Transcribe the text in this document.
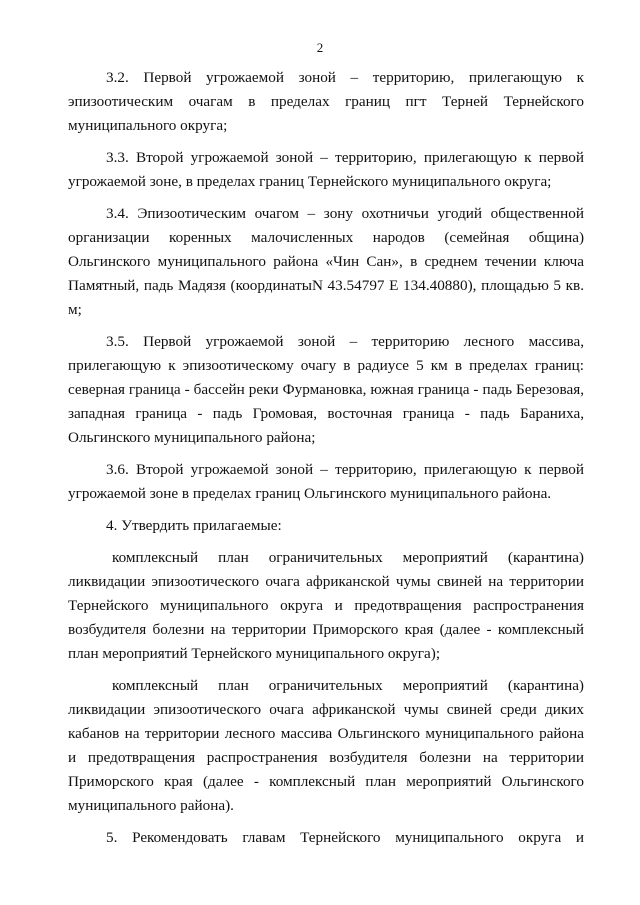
2

3.2. Первой угрожаемой зоной – территорию, прилегающую к эпизоотическим очагам в пределах границ пгт Терней Тернейского муниципального округа;

3.3. Второй угрожаемой зоной – территорию, прилегающую к первой угрожаемой зоне, в пределах границ Тернейского муниципального округа;

3.4. Эпизоотическим очагом – зону охотничьи угодий общественной организации коренных малочисленных народов (семейная община) Ольгинского муниципального района «Чин Сан», в среднем течении ключа Памятный, падь Мадязя (координатыN 43.54797 E 134.40880), площадью 5 кв. м;

3.5. Первой угрожаемой зоной – территорию лесного массива, прилегающую к эпизоотическому очагу в радиусе 5 км в пределах границ: северная граница - бассейн реки Фурмановка, южная граница - падь Березовая, западная граница - падь Громовая, восточная граница - падь Бараниха, Ольгинского муниципального района;

3.6. Второй угрожаемой зоной – территорию, прилегающую к первой угрожаемой зоне в пределах границ Ольгинского муниципального района.

4. Утвердить прилагаемые:

комплексный план ограничительных мероприятий (карантина) ликвидации эпизоотического очага африканской чумы свиней на территории Тернейского муниципального округа и предотвращения распространения возбудителя болезни на территории Приморского края (далее - комплексный план мероприятий Тернейского муниципального округа);

комплексный план ограничительных мероприятий (карантина) ликвидации эпизоотического очага африканской чумы свиней среди диких кабанов на территории лесного массива Ольгинского муниципального района и предотвращения распространения возбудителя болезни на территории Приморского края (далее - комплексный план мероприятий Ольгинского муниципального района).

5. Рекомендовать главам Тернейского муниципального округа и
